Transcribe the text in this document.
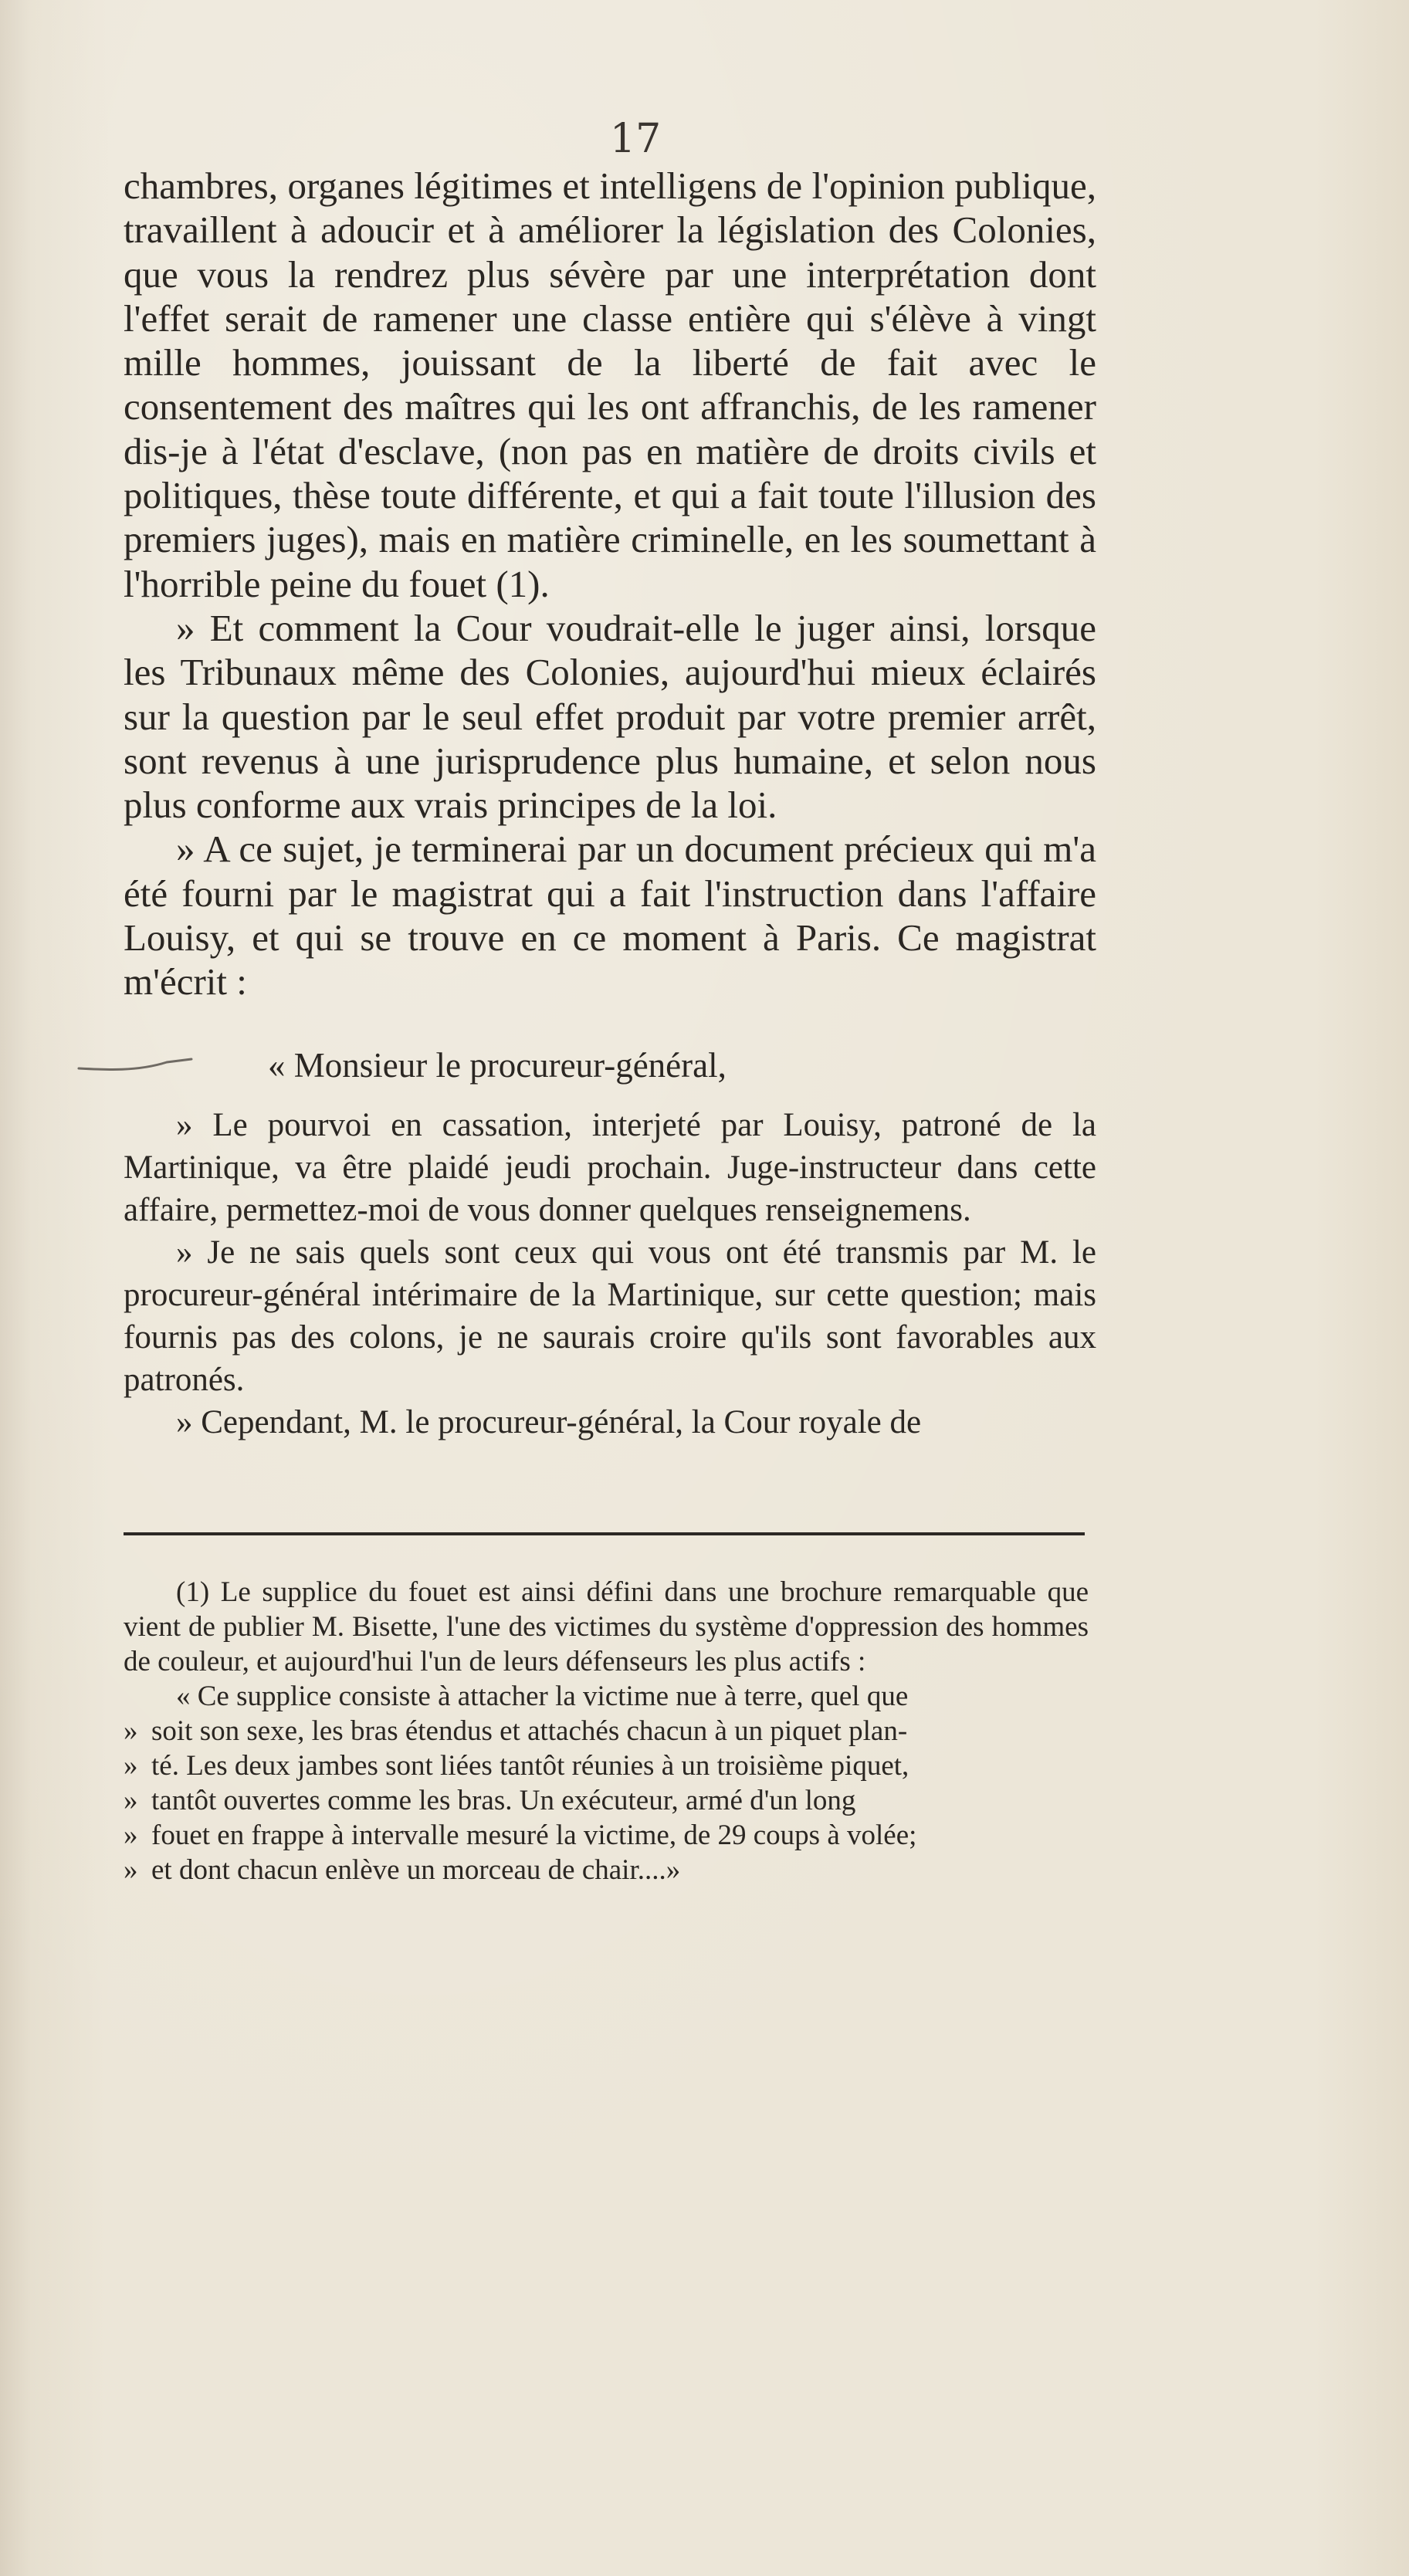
17

chambres, organes légitimes et intelligens de l'opinion publique, travaillent à adoucir et à améliorer la législation des Colonies, que vous la rendrez plus sévère par une interprétation dont l'effet serait de ramener une classe entière qui s'élève à vingt mille hommes, jouissant de la liberté de fait avec le consentement des maîtres qui les ont affranchis, de les ramener dis-je à l'état d'esclave, (non pas en matière de droits civils et politiques, thèse toute différente, et qui a fait toute l'illusion des premiers juges), mais en matière criminelle, en les soumettant à l'horrible peine du fouet (1).

» Et comment la Cour voudrait-elle le juger ainsi, lorsque les Tribunaux même des Colonies, aujourd'hui mieux éclairés sur la question par le seul effet produit par votre premier arrêt, sont revenus à une jurisprudence plus humaine, et selon nous plus conforme aux vrais principes de la loi.

» A ce sujet, je terminerai par un document précieux qui m'a été fourni par le magistrat qui a fait l'instruction dans l'affaire Louisy, et qui se trouve en ce moment à Paris. Ce magistrat m'écrit :

« Monsieur le procureur-général,

» Le pourvoi en cassation, interjeté par Louisy, patroné de la Martinique, va être plaidé jeudi prochain. Juge-instructeur dans cette affaire, permettez-moi de vous donner quelques renseignemens.

» Je ne sais quels sont ceux qui vous ont été transmis par M. le procureur-général intérimaire de la Martinique, sur cette question; mais fournis pas des colons, je ne saurais croire qu'ils sont favorables aux patronés.

» Cependant, M. le procureur-général, la Cour royale de

(1) Le supplice du fouet est ainsi défini dans une brochure remarquable que vient de publier M. Bisette, l'une des victimes du système d'oppression des hommes de couleur, et aujourd'hui l'un de leurs défenseurs les plus actifs :

« Ce supplice consiste à attacher la victime nue à terre, quel que

» soit son sexe, les bras étendus et attachés chacun à un piquet plan-
» té. Les deux jambes sont liées tantôt réunies à un troisième piquet,
» tantôt ouvertes comme les bras. Un exécuteur, armé d'un long
» fouet en frappe à intervalle mesuré la victime, de 29 coups à volée;
» et dont chacun enlève un morceau de chair....»
